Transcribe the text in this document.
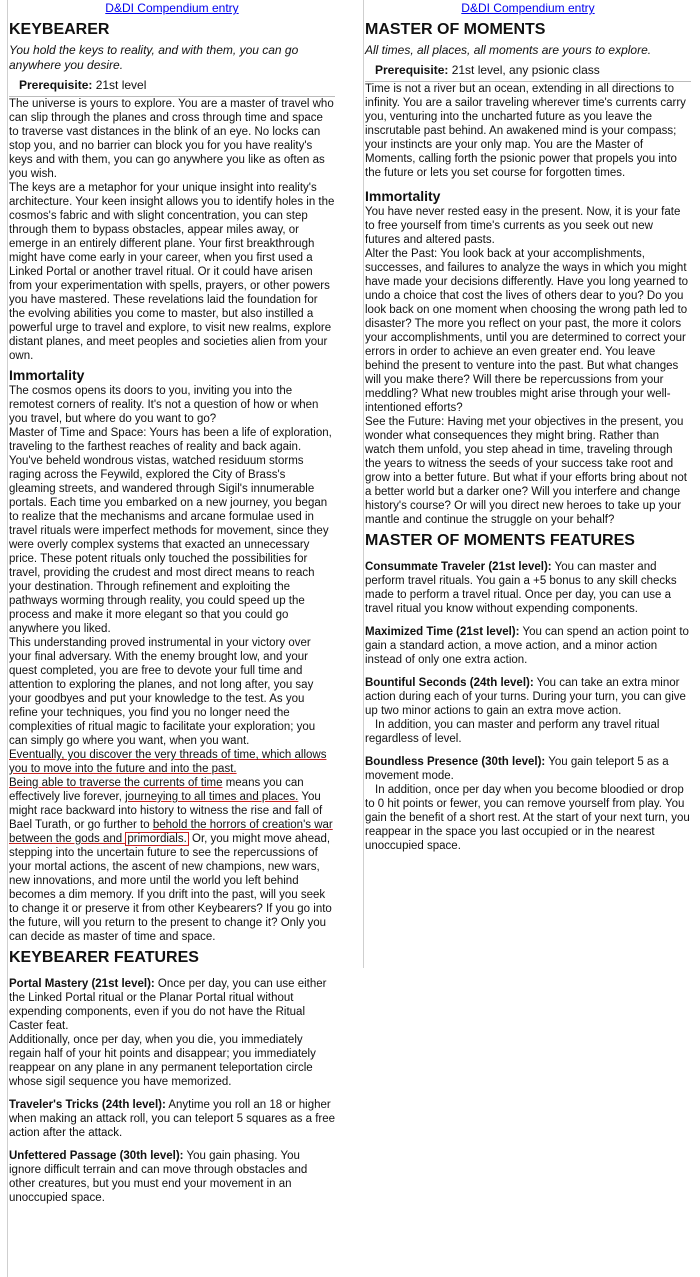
D&DI Compendium entry
KEYBEARER

You hold the keys to reality, and with them, you can go anywhere you desire.

Prerequisite: 21st level

The universe is yours to explore. You are a master of travel who can slip through the planes and cross through time and space to traverse vast distances in the blink of an eye. No locks can stop you, and no barrier can block you for you have reality's keys and with them, you can go anywhere you like as often as you wish.

The keys are a metaphor for your unique insight into reality's architecture. Your keen insight allows you to identify holes in the cosmos's fabric and with slight concentration, you can step through them to bypass obstacles, appear miles away, or emerge in an entirely different plane. Your first breakthrough might have come early in your career, when you first used a Linked Portal or another travel ritual. Or it could have arisen from your experimentation with spells, prayers, or other powers you have mastered. These revelations laid the foundation for the evolving abilities you come to master, but also instilled a powerful urge to travel and explore, to visit new realms, explore distant planes, and meet peoples and societies alien from your own.

Immortality

The cosmos opens its doors to you, inviting you into the remotest corners of reality. It's not a question of how or when you travel, but where do you want to go?

Master of Time and Space: Yours has been a life of exploration, traveling to the farthest reaches of reality and back again. You've beheld wondrous vistas, watched residuum storms raging across the Feywild, explored the City of Brass's gleaming streets, and wandered through Sigil's innumerable portals. Each time you embarked on a new journey, you began to realize that the mechanisms and arcane formulae used in travel rituals were imperfect methods for movement, since they were overly complex systems that exacted an unnecessary price. These potent rituals only touched the possibilities for travel, providing the crudest and most direct means to reach your destination. Through refinement and exploiting the pathways worming through reality, you could speed up the process and make it more elegant so that you could go anywhere you liked.

This understanding proved instrumental in your victory over your final adversary. With the enemy brought low, and your quest completed, you are free to devote your full time and attention to exploring the planes, and not long after, you say your goodbyes and put your knowledge to the test. As you refine your techniques, you find you no longer need the complexities of ritual magic to facilitate your exploration; you can simply go where you want, when you want.

Eventually, you discover the very threads of time, which allows you to move into the future and into the past.

Being able to traverse the currents of time means you can effectively live forever, journeying to all times and places. You might race backward into history to witness the rise and fall of Bael Turath, or go further to behold the horrors of creation's war between the gods and primordials. Or, you might move ahead, stepping into the uncertain future to see the repercussions of your mortal actions, the ascent of new champions, new wars, new innovations, and more until the world you left behind becomes a dim memory. If you drift into the past, will you seek to change it or preserve it from other Keybearers? If you go into the future, will you return to the present to change it? Only you can decide as master of time and space.

KEYBEARER FEATURES

Portal Mastery (21st level): Once per day, you can use either the Linked Portal ritual or the Planar Portal ritual without expending components, even if you do not have the Ritual Caster feat.
Additionally, once per day, when you die, you immediately regain half of your hit points and disappear; you immediately reappear on any plane in any permanent teleportation circle whose sigil sequence you have memorized.

Traveler's Tricks (24th level): Anytime you roll an 18 or higher when making an attack roll, you can teleport 5 squares as a free action after the attack.

Unfettered Passage (30th level): You gain phasing. You ignore difficult terrain and can move through obstacles and other creatures, but you must end your movement in an unoccupied space.

D&DI Compendium entry
MASTER OF MOMENTS

All times, all places, all moments are yours to explore.

Prerequisite: 21st level, any psionic class

Time is not a river but an ocean, extending in all directions to infinity. You are a sailor traveling wherever time's currents carry you, venturing into the uncharted future as you leave the inscrutable past behind. An awakened mind is your compass; your instincts are your only map. You are the Master of Moments, calling forth the psionic power that propels you into the future or lets you set course for forgotten times.

Immortality

You have never rested easy in the present. Now, it is your fate to free yourself from time's currents as you seek out new futures and altered pasts.

Alter the Past: You look back at your accomplishments, successes, and failures to analyze the ways in which you might have made your decisions differently. Have you long yearned to undo a choice that cost the lives of others dear to you? Do you look back on one moment when choosing the wrong path led to disaster? The more you reflect on your past, the more it colors your accomplishments, until you are determined to correct your errors in order to achieve an even greater end. You leave behind the present to venture into the past. But what changes will you make there? Will there be repercussions from your meddling? What new troubles might arise through your well-intentioned efforts?

See the Future: Having met your objectives in the present, you wonder what consequences they might bring. Rather than watch them unfold, you step ahead in time, traveling through the years to witness the seeds of your success take root and grow into a better future. But what if your efforts bring about not a better world but a darker one? Will you interfere and change history's course? Or will you direct new heroes to take up your mantle and continue the struggle on your behalf?

MASTER OF MOMENTS FEATURES

Consummate Traveler (21st level): You can master and perform travel rituals. You gain a +5 bonus to any skill checks made to perform a travel ritual. Once per day, you can use a travel ritual you know without expending components.

Maximized Time (21st level): You can spend an action point to gain a standard action, a move action, and a minor action instead of only one extra action.

Bountiful Seconds (24th level): You can take an extra minor action during each of your turns. During your turn, you can give up two minor actions to gain an extra move action.

In addition, you can master and perform any travel ritual regardless of level.

Boundless Presence (30th level): You gain teleport 5 as a movement mode.

In addition, once per day when you become bloodied or drop to 0 hit points or fewer, you can remove yourself from play. You gain the benefit of a short rest. At the start of your next turn, you reappear in the space you last occupied or in the nearest unoccupied space.
